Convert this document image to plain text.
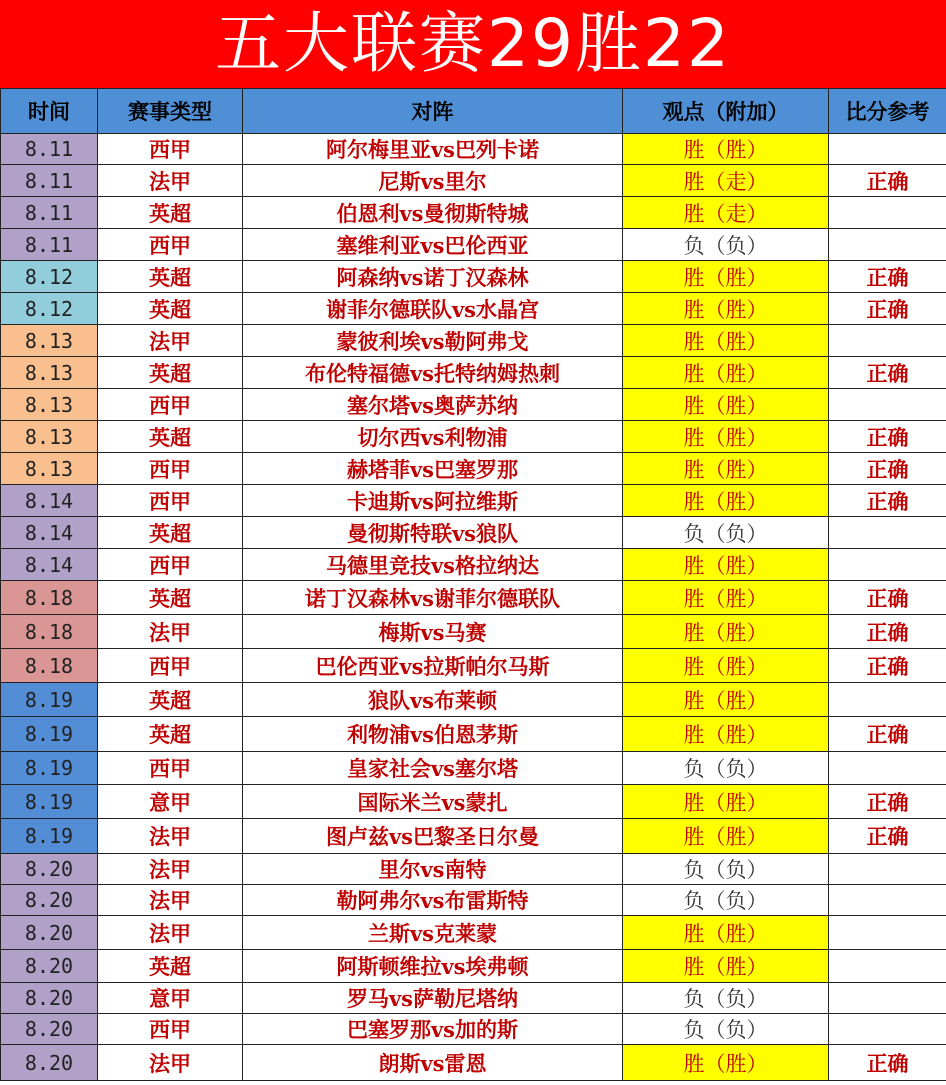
五大联赛29胜22
时间	赛事类型	对阵	观点（附加）	比分参考
8.11	西甲	阿尔梅里亚vs巴列卡诺	胜（胜）	
8.11	法甲	尼斯vs里尔	胜（走）	正确
8.11	英超	伯恩利vs曼彻斯特城	胜（走）	
8.11	西甲	塞维利亚vs巴伦西亚	负（负）	
8.12	英超	阿森纳vs诺丁汉森林	胜（胜）	正确
8.12	英超	谢菲尔德联队vs水晶宫	胜（胜）	正确
8.13	法甲	蒙彼利埃vs勒阿弗戈	胜（胜）	
8.13	英超	布伦特福德vs托特纳姆热刺	胜（胜）	正确
8.13	西甲	塞尔塔vs奥萨苏纳	胜（胜）	
8.13	英超	切尔西vs利物浦	胜（胜）	正确
8.13	西甲	赫塔菲vs巴塞罗那	胜（胜）	正确
8.14	西甲	卡迪斯vs阿拉维斯	胜（胜）	正确
8.14	英超	曼彻斯特联vs狼队	负（负）	
8.14	西甲	马德里竞技vs格拉纳达	胜（胜）	
8.18	英超	诺丁汉森林vs谢菲尔德联队	胜（胜）	正确
8.18	法甲	梅斯vs马赛	胜（胜）	正确
8.18	西甲	巴伦西亚vs拉斯帕尔马斯	胜（胜）	正确
8.19	英超	狼队vs布莱顿	胜（胜）	
8.19	英超	利物浦vs伯恩茅斯	胜（胜）	正确
8.19	西甲	皇家社会vs塞尔塔	负（负）	
8.19	意甲	国际米兰vs蒙扎	胜（胜）	正确
8.19	法甲	图卢兹vs巴黎圣日尔曼	胜（胜）	正确
8.20	法甲	里尔vs南特	负（负）	
8.20	法甲	勒阿弗尔vs布雷斯特	负（负）	
8.20	法甲	兰斯vs克莱蒙	胜（胜）	
8.20	英超	阿斯顿维拉vs埃弗顿	胜（胜）	
8.20	意甲	罗马vs萨勒尼塔纳	负（负）	
8.20	西甲	巴塞罗那vs加的斯	负（负）	
8.20	法甲	朗斯vs雷恩	胜（胜）	正确
